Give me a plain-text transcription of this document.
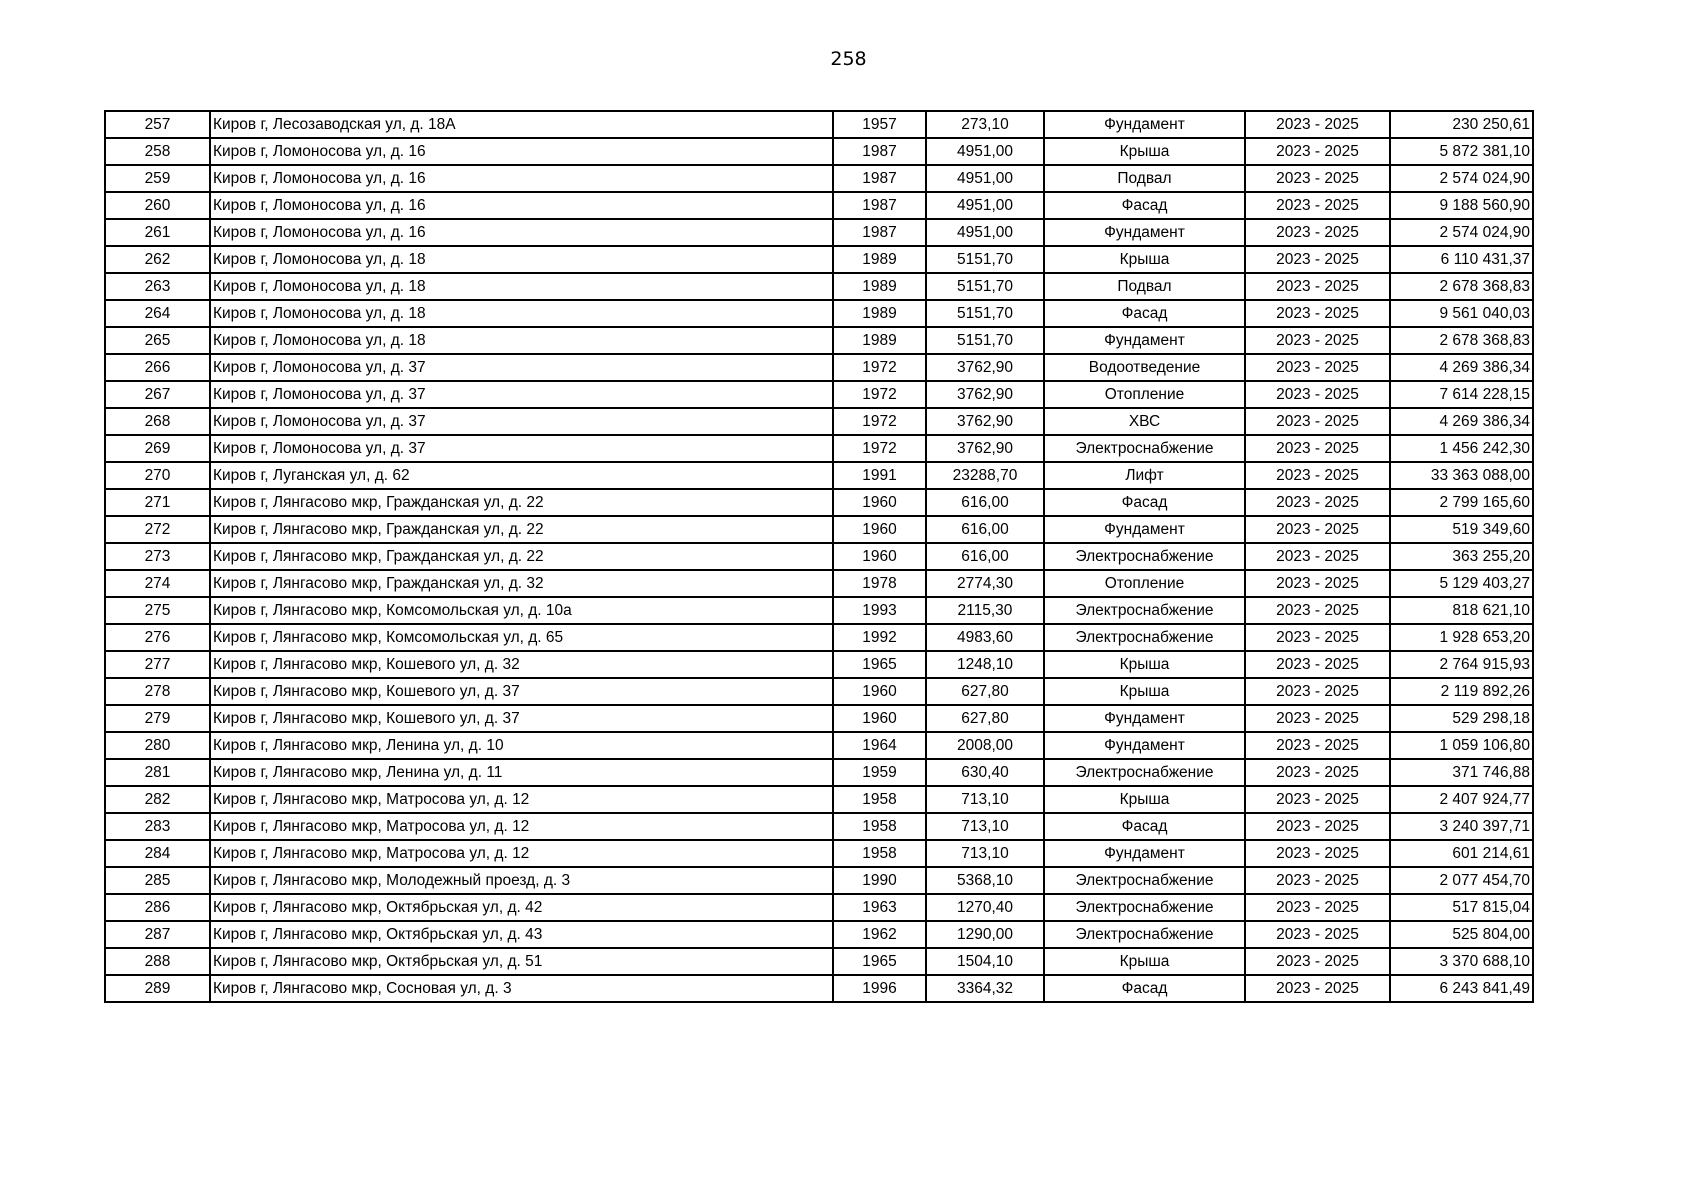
258
257	Киров г, Лесозаводская ул, д. 18А	1957	273,10	Фундамент	2023 - 2025	230 250,61
258	Киров г, Ломоносова ул, д. 16	1987	4951,00	Крыша	2023 - 2025	5 872 381,10
259	Киров г, Ломоносова ул, д. 16	1987	4951,00	Подвал	2023 - 2025	2 574 024,90
260	Киров г, Ломоносова ул, д. 16	1987	4951,00	Фасад	2023 - 2025	9 188 560,90
261	Киров г, Ломоносова ул, д. 16	1987	4951,00	Фундамент	2023 - 2025	2 574 024,90
262	Киров г, Ломоносова ул, д. 18	1989	5151,70	Крыша	2023 - 2025	6 110 431,37
263	Киров г, Ломоносова ул, д. 18	1989	5151,70	Подвал	2023 - 2025	2 678 368,83
264	Киров г, Ломоносова ул, д. 18	1989	5151,70	Фасад	2023 - 2025	9 561 040,03
265	Киров г, Ломоносова ул, д. 18	1989	5151,70	Фундамент	2023 - 2025	2 678 368,83
266	Киров г, Ломоносова ул, д. 37	1972	3762,90	Водоотведение	2023 - 2025	4 269 386,34
267	Киров г, Ломоносова ул, д. 37	1972	3762,90	Отопление	2023 - 2025	7 614 228,15
268	Киров г, Ломоносова ул, д. 37	1972	3762,90	ХВС	2023 - 2025	4 269 386,34
269	Киров г, Ломоносова ул, д. 37	1972	3762,90	Электроснабжение	2023 - 2025	1 456 242,30
270	Киров г, Луганская ул, д. 62	1991	23288,70	Лифт	2023 - 2025	33 363 088,00
271	Киров г, Лянгасово мкр, Гражданская ул, д. 22	1960	616,00	Фасад	2023 - 2025	2 799 165,60
272	Киров г, Лянгасово мкр, Гражданская ул, д. 22	1960	616,00	Фундамент	2023 - 2025	519 349,60
273	Киров г, Лянгасово мкр, Гражданская ул, д. 22	1960	616,00	Электроснабжение	2023 - 2025	363 255,20
274	Киров г, Лянгасово мкр, Гражданская ул, д. 32	1978	2774,30	Отопление	2023 - 2025	5 129 403,27
275	Киров г, Лянгасово мкр, Комсомольская ул, д. 10а	1993	2115,30	Электроснабжение	2023 - 2025	818 621,10
276	Киров г, Лянгасово мкр, Комсомольская ул, д. 65	1992	4983,60	Электроснабжение	2023 - 2025	1 928 653,20
277	Киров г, Лянгасово мкр, Кошевого ул, д. 32	1965	1248,10	Крыша	2023 - 2025	2 764 915,93
278	Киров г, Лянгасово мкр, Кошевого ул, д. 37	1960	627,80	Крыша	2023 - 2025	2 119 892,26
279	Киров г, Лянгасово мкр, Кошевого ул, д. 37	1960	627,80	Фундамент	2023 - 2025	529 298,18
280	Киров г, Лянгасово мкр, Ленина ул, д. 10	1964	2008,00	Фундамент	2023 - 2025	1 059 106,80
281	Киров г, Лянгасово мкр, Ленина ул, д. 11	1959	630,40	Электроснабжение	2023 - 2025	371 746,88
282	Киров г, Лянгасово мкр, Матросова ул, д. 12	1958	713,10	Крыша	2023 - 2025	2 407 924,77
283	Киров г, Лянгасово мкр, Матросова ул, д. 12	1958	713,10	Фасад	2023 - 2025	3 240 397,71
284	Киров г, Лянгасово мкр, Матросова ул, д. 12	1958	713,10	Фундамент	2023 - 2025	601 214,61
285	Киров г, Лянгасово мкр, Молодежный проезд, д. 3	1990	5368,10	Электроснабжение	2023 - 2025	2 077 454,70
286	Киров г, Лянгасово мкр, Октябрьская ул, д. 42	1963	1270,40	Электроснабжение	2023 - 2025	517 815,04
287	Киров г, Лянгасово мкр, Октябрьская ул, д. 43	1962	1290,00	Электроснабжение	2023 - 2025	525 804,00
288	Киров г, Лянгасово мкр, Октябрьская ул, д. 51	1965	1504,10	Крыша	2023 - 2025	3 370 688,10
289	Киров г, Лянгасово мкр, Сосновая ул, д. 3	1996	3364,32	Фасад	2023 - 2025	6 243 841,49
